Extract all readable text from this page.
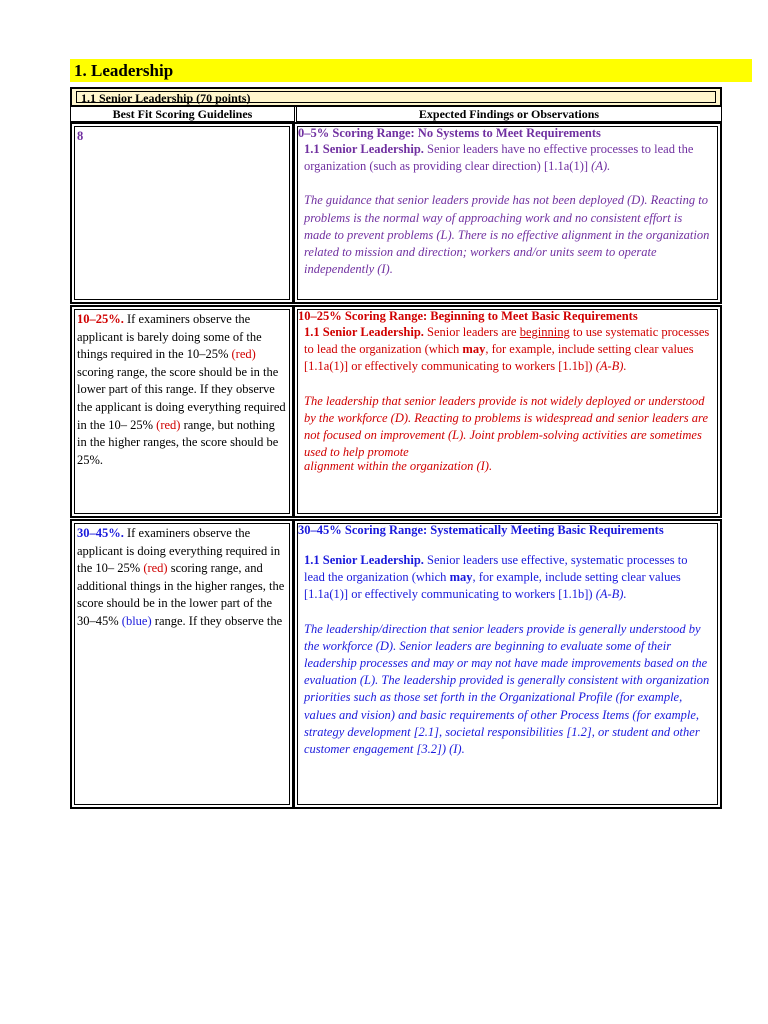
1. Leadership
1.1 Senior Leadership (70 points)
Best Fit Scoring Guidelines	Expected Findings or Observations
8	0–5% Scoring Range: No Systems to Meet Requirements

1.1 Senior Leadership. Senior leaders have no effective processes to lead the organization (such as providing clear direction) [1.1a(1)] (A).

The guidance that senior leaders provide has not been deployed (D). Reacting to problems is the normal way of approaching work and no consistent effort is made to prevent problems (L). There is no effective alignment in the organization related to mission and direction; workers and/or units seem to operate independently (I).

10–25%. If examiners observe the applicant is barely doing some of the things required in the 10–25% (red) scoring range, the score should be in the lower part of this range. If they observe the applicant is doing everything required in the 10– 25% (red) range, but nothing in the higher ranges, the score should be 25%.
10–25% Scoring Range: Beginning to Meet Basic Requirements

1.1 Senior Leadership. Senior leaders are beginning to use systematic processes to lead the organization (which may, for example, include setting clear values [1.1a(1)] or effectively communicating to workers [1.1b]) (A-B).

The leadership that senior leaders provide is not widely deployed or understood by the workforce (D). Reacting to problems is widespread and senior leaders are not focused on improvement (L). Joint problem-solving activities are sometimes used to help promote

alignment within the organization (I).

30–45%. If examiners observe the applicant is doing everything required in the 10– 25% (red) scoring range, and additional things in the higher ranges, the score should be in the lower part of the 30–45% (blue) range. If they observe the
30–45% Scoring Range: Systematically Meeting Basic Requirements

1.1 Senior Leadership. Senior leaders use effective, systematic processes to lead the organization (which may, for example, include setting clear values [1.1a(1)] or effectively communicating to workers [1.1b]) (A-B).

The leadership/direction that senior leaders provide is generally understood by the workforce (D). Senior leaders are beginning to evaluate some of their leadership processes and may or may not have made improvements based on the evaluation (L). The leadership provided is generally consistent with organization priorities such as those set forth in the Organizational Profile (for example, values and vision) and basic requirements of other Process Items (for example, strategy development [2.1], societal responsibilities [1.2], or student and other customer engagement [3.2]) (I).
